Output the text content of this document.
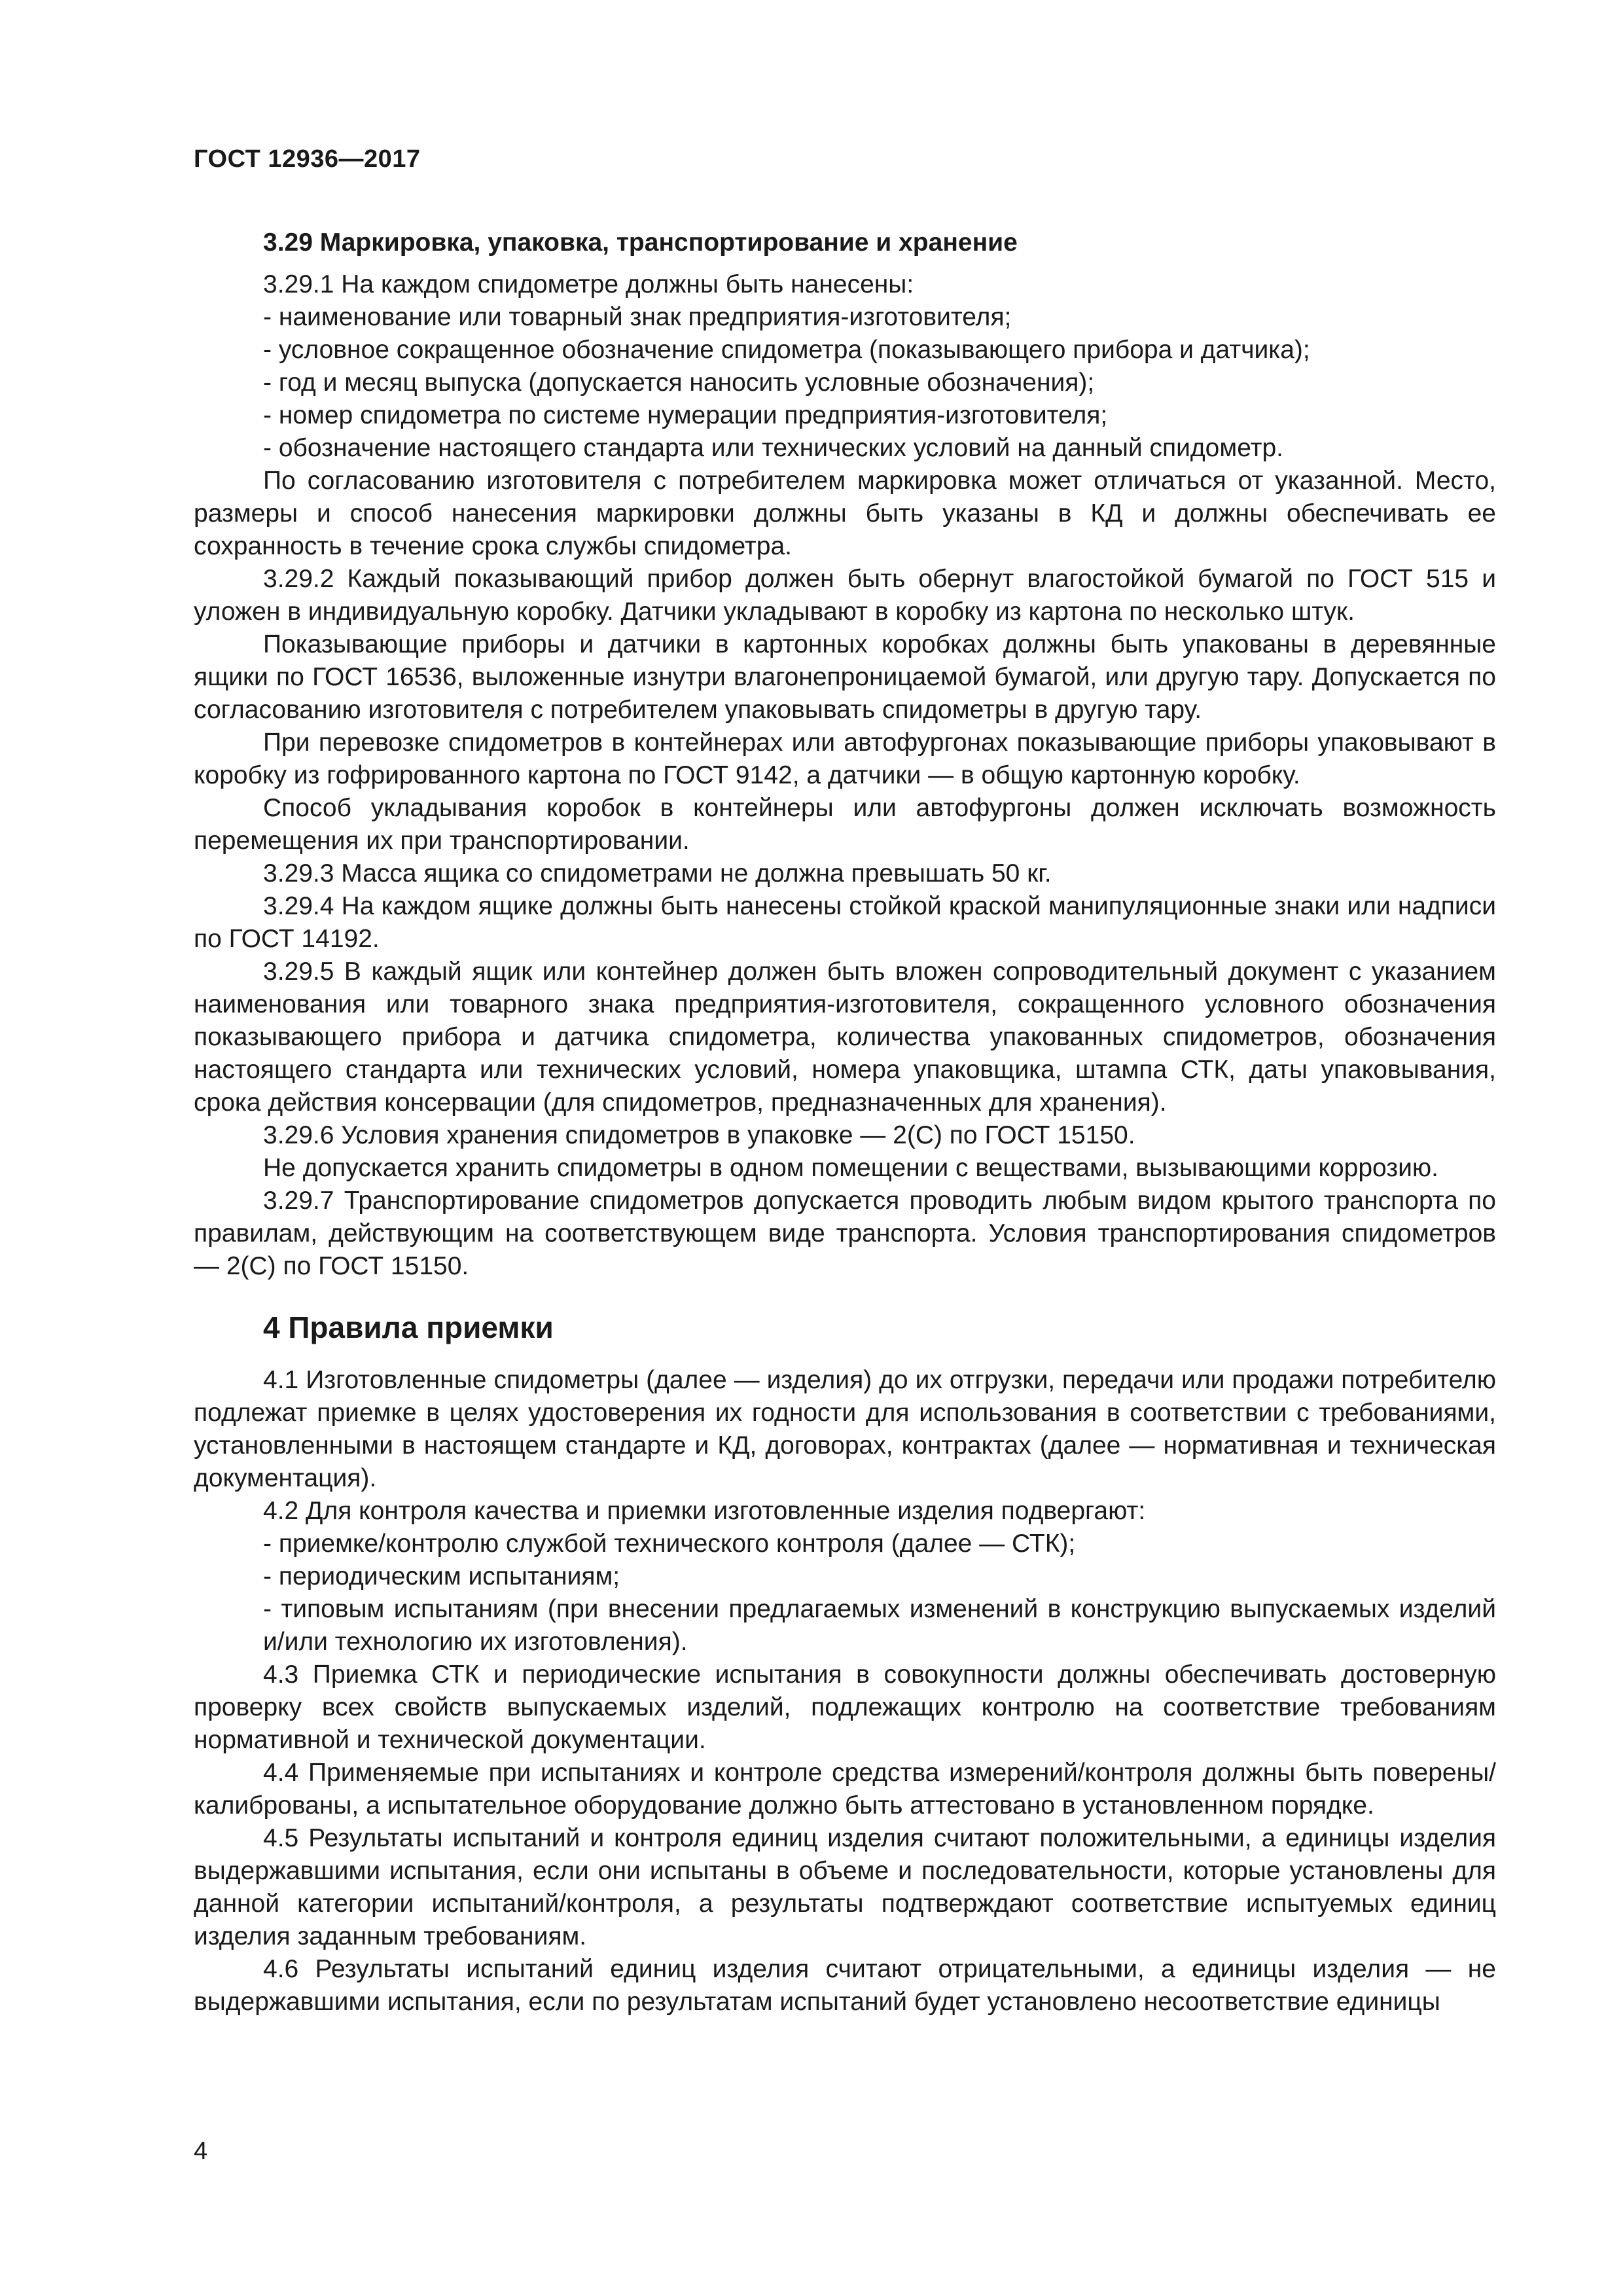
ГОСТ 12936—2017
3.29 Маркировка, упаковка, транспортирование и хранение

3.29.1 На каждом спидометре должны быть нанесены:

- наименование или товарный знак предприятия-изготовителя;

- условное сокращенное обозначение спидометра (показывающего прибора и датчика);

- год и месяц выпуска (допускается наносить условные обозначения);

- номер спидометра по системе нумерации предприятия-изготовителя;

- обозначение настоящего стандарта или технических условий на данный спидометр.

По согласованию изготовителя с потребителем маркировка может отличаться от указанной. Место, размеры и способ нанесения маркировки должны быть указаны в КД и должны обеспечивать ее сохранность в течение срока службы спидометра.

3.29.2 Каждый показывающий прибор должен быть обернут влагостойкой бумагой по ГОСТ 515 и уложен в индивидуальную коробку. Датчики укладывают в коробку из картона по несколько штук.

Показывающие приборы и датчики в картонных коробках должны быть упакованы в деревянные ящики по ГОСТ 16536, выложенные изнутри влагонепроницаемой бумагой, или другую тару. Допускается по согласованию изготовителя с потребителем упаковывать спидометры в другую тару.

При перевозке спидометров в контейнерах или автофургонах показывающие приборы упаковывают в коробку из гофрированного картона по ГОСТ 9142, а датчики — в общую картонную коробку.

Способ укладывания коробок в контейнеры или автофургоны должен исключать возможность перемещения их при транспортировании.

3.29.3 Масса ящика со спидометрами не должна превышать 50 кг.

3.29.4 На каждом ящике должны быть нанесены стойкой краской манипуляционные знаки или надписи по ГОСТ 14192.

3.29.5 В каждый ящик или контейнер должен быть вложен сопроводительный документ с указанием наименования или товарного знака предприятия-изготовителя, сокращенного условного обозначения показывающего прибора и датчика спидометра, количества упакованных спидометров, обозначения настоящего стандарта или технических условий, номера упаковщика, штампа СТК, даты упаковывания, срока действия консервации (для спидометров, предназначенных для хранения).

3.29.6 Условия хранения спидометров в упаковке — 2(С) по ГОСТ 15150.

Не допускается хранить спидометры в одном помещении с веществами, вызывающими коррозию.

3.29.7 Транспортирование спидометров допускается проводить любым видом крытого транспорта по правилам, действующим на соответствующем виде транспорта. Условия транспортирования спидометров — 2(С) по ГОСТ 15150.

4 Правила приемки

4.1 Изготовленные спидометры (далее — изделия) до их отгрузки, передачи или продажи потребителю подлежат приемке в целях удостоверения их годности для использования в соответствии с требованиями, установленными в настоящем стандарте и КД, договорах, контрактах (далее — нормативная и техническая документация).

4.2 Для контроля качества и приемки изготовленные изделия подвергают:

- приемке/контролю службой технического контроля (далее — СТК);

- периодическим испытаниям;

- типовым испытаниям (при внесении предлагаемых изменений в конструкцию выпускаемых изделий и/или технологию их изготовления).

4.3 Приемка СТК и периодические испытания в совокупности должны обеспечивать достоверную проверку всех свойств выпускаемых изделий, подлежащих контролю на соответствие требованиям нормативной и технической документации.

4.4 Применяемые при испытаниях и контроле средства измерений/контроля должны быть поверены/калиброваны, а испытательное оборудование должно быть аттестовано в установленном порядке.

4.5 Результаты испытаний и контроля единиц изделия считают положительными, а единицы изделия выдержавшими испытания, если они испытаны в объеме и последовательности, которые установлены для данной категории испытаний/контроля, а результаты подтверждают соответствие испытуемых единиц изделия заданным требованиям.

4.6 Результаты испытаний единиц изделия считают отрицательными, а единицы изделия — не выдержавшими испытания, если по результатам испытаний будет установлено несоответствие единицы

4
